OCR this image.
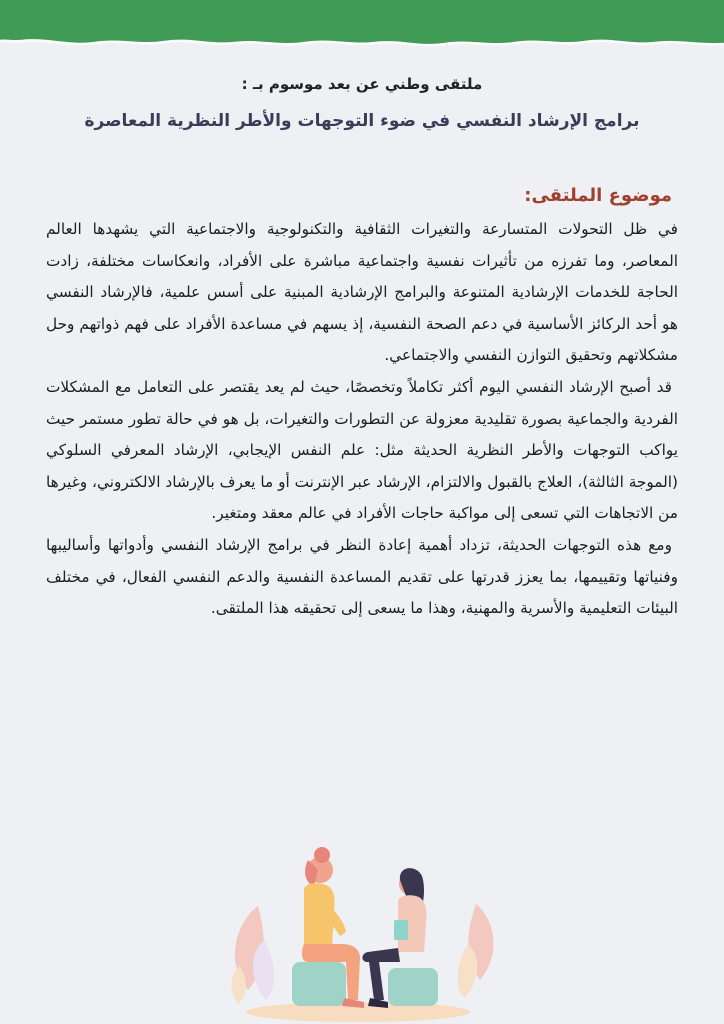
ملتقى وطني عن بعد موسوم بـ :

برامج الإرشاد النفسي في ضوء التوجهات والأطر النظرية المعاصرة

موضوع الملتقى:

في ظل التحولات المتسارعة والتغيرات الثقافية والتكنولوجية والاجتماعية التي يشهدها العالم المعاصر، وما تفرزه من تأثيرات نفسية واجتماعية مباشرة على الأفراد، وانعكاسات مختلفة، زادت الحاجة للخدمات الإرشادية المتنوعة والبرامج الإرشادية المبنية على أسس علمية، فالإرشاد النفسي هو أحد الركائز الأساسية في دعم الصحة النفسية، إذ يسهم في مساعدة الأفراد على فهم ذواتهم وحل مشكلاتهم وتحقيق التوازن النفسي والاجتماعي.

قد أصبح الإرشاد النفسي اليوم أكثر تكاملاً وتخصصًا، حيث لم يعد يقتصر على التعامل مع المشكلات الفردية والجماعية بصورة تقليدية معزولة عن التطورات والتغيرات، بل هو في حالة تطور مستمر حيث يواكب التوجهات والأطر النظرية الحديثة مثل: علم النفس الإيجابي، الإرشاد المعرفي السلوكي (الموجة الثالثة)، العلاج بالقبول والالتزام، الإرشاد عبر الإنترنت أو ما يعرف بالإرشاد الالكتروني، وغيرها من الاتجاهات التي تسعى إلى مواكبة حاجات الأفراد في عالم معقد ومتغير.

ومع هذه التوجهات الحديثة، تزداد أهمية إعادة النظر في برامج الإرشاد النفسي وأدواتها وأساليبها وفنياتها وتقييمها، بما يعزز قدرتها على تقديم المساعدة النفسية والدعم النفسي الفعال، في مختلف البيئات التعليمية والأسرية والمهنية، وهذا ما يسعى إلى تحقيقه هذا الملتقى.
